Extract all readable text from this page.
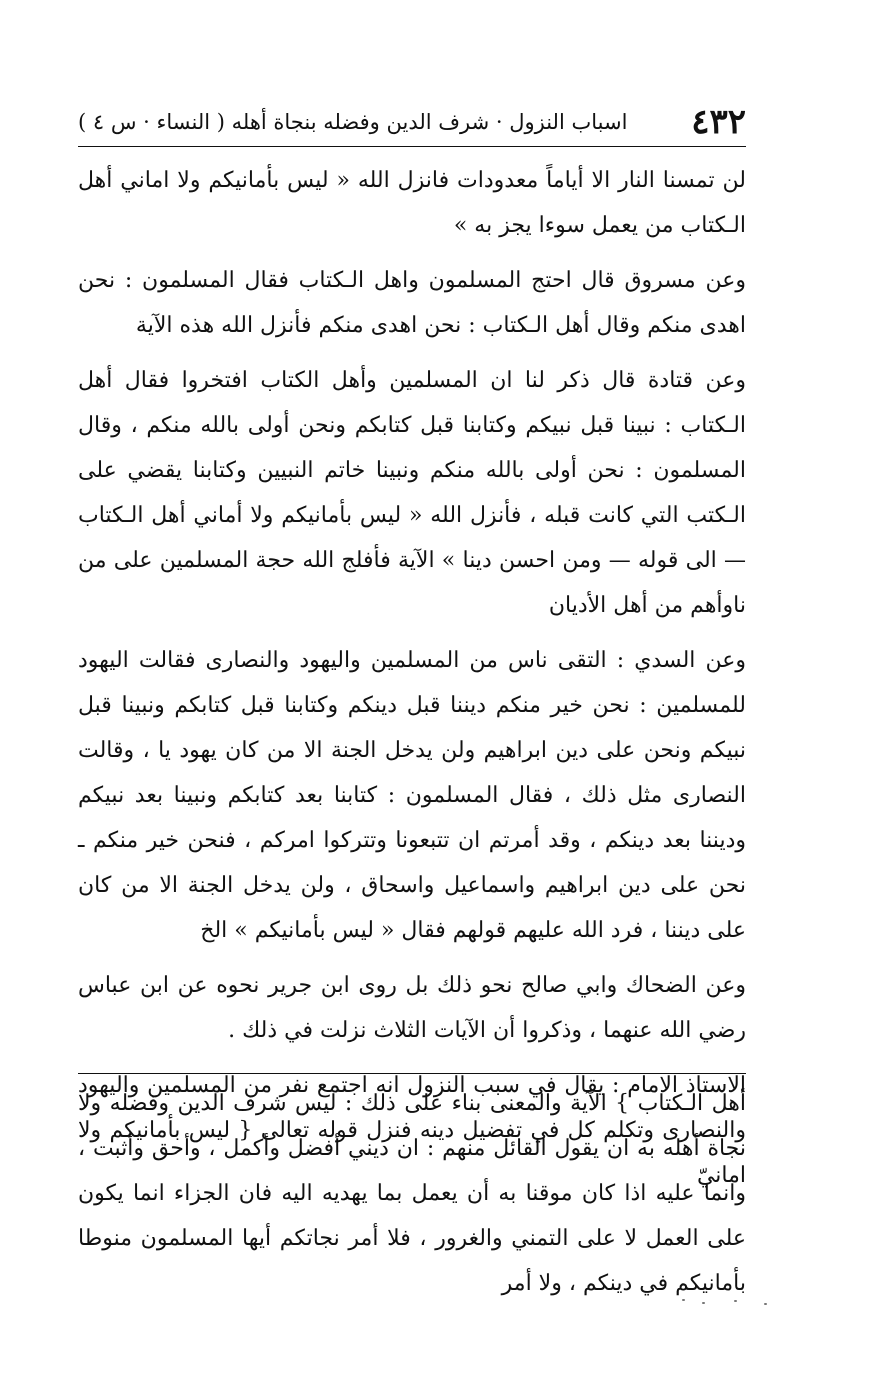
٤٣٢
اسباب النزول · شرف الدين وفضله بنجاة أهله ( النساء · س ٤ )

لن تمسنا النار الا أياماً معدودات فانزل الله « ليس بأمانيكم ولا اماني أهل الـكتاب من يعمل سوءا يجز به »

وعن مسروق قال احتج المسلمون واهل الـكتاب فقال المسلمون : نحن اهدى منكم وقال أهل الـكتاب : نحن اهدى منكم فأنزل الله هذه الآية

وعن قتادة قال ذكر لنا ان المسلمين وأهل الكتاب افتخروا فقال أهل الـكتاب : نبينا قبل نبيكم وكتابنا قبل كتابكم ونحن أولى بالله منكم ، وقال المسلمون : نحن أولى بالله منكم ونبينا خاتم النبيين وكتابنا يقضي على الـكتب التي كانت قبله ، فأنزل الله « ليس بأمانيكم ولا أماني أهل الـكتاب — الى قوله — ومن احسن دينا » الآية فأفلج الله حجة المسلمين على من ناوأهم من أهل الأديان

وعن السدي : التقى ناس من المسلمين واليهود والنصارى فقالت اليهود للمسلمين : نحن خير منكم ديننا قبل دينكم وكتابنا قبل كتابكم ونبينا قبل نبيكم ونحن على دين ابراهيم ولن يدخل الجنة الا من كان يهود يا ، وقالت النصارى مثل ذلك ، فقال المسلمون : كتابنا بعد كتابكم ونبينا بعد نبيكم وديننا بعد دينكم ، وقد أمرتم ان تتبعونا وتتركوا امركم ، فنحن خير منكم ـ نحن على دين ابراهيم واسماعيل واسحاق ، ولن يدخل الجنة الا من كان على ديننا ، فرد الله عليهم قولهم فقال « ليس بأمانيكم » الخ

وعن الضحاك وابي صالح نحو ذلك بل روى ابن جرير نحوه عن ابن عباس رضي الله عنهما ، وذكروا أن الآيات الثلاث نزلت في ذلك .

الاستاذ الامام : يقال في سبب النزول انه اجتمع نفر من المسلمين واليهود والنصارى وتكلم كل في تفضيل دينه فنزل قوله تعالى { ليس بأمانيكم ولا امانيّ

أهل الـكتاب } الآية والمعنى بناء على ذلك : ليس شرف الدين وفضله ولا نجاة أهله به ان يقول القائل منهم : ان ديني أفضل وأكمل ، وأحق وأثبت ، وانما عليه اذا كان موقنا به أن يعمل بما يهديه اليه فان الجزاء انما يكون على العمل لا على التمني والغرور ، فلا أمر نجاتكم أيها المسلمون منوطا بأمانيكم في دينكم ، ولا أمر
